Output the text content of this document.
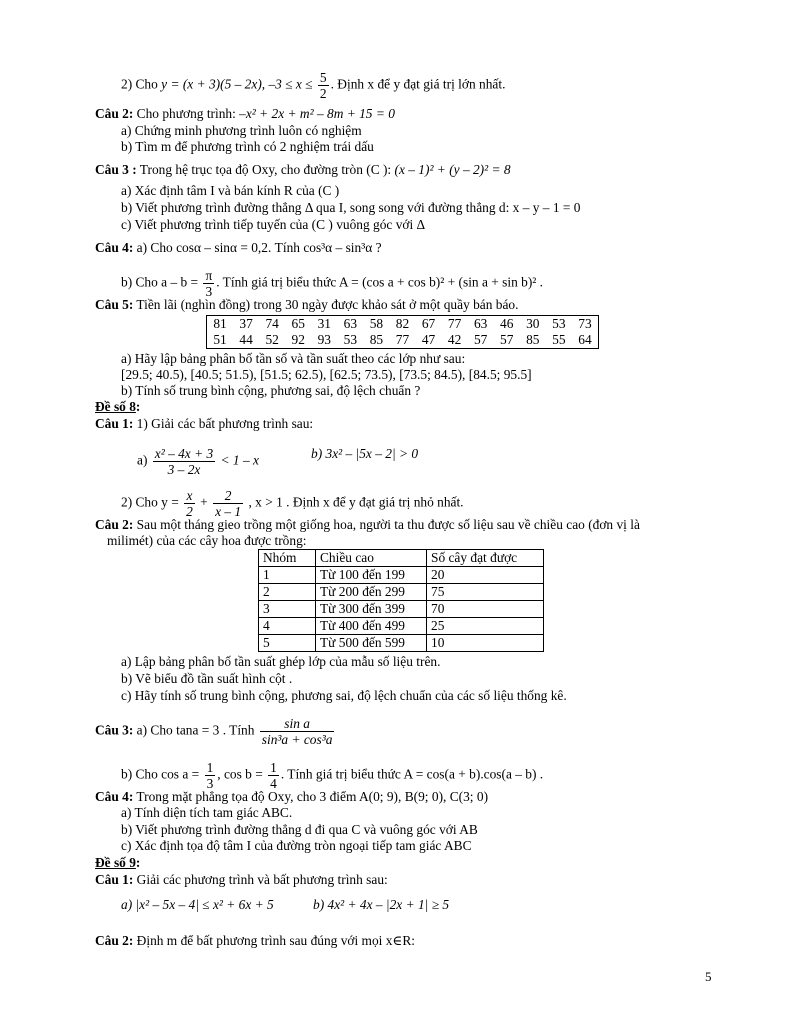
2) Cho y = (x + 3)(5 – 2x), $-3 \le x \le \frac{5}{2}$ . Định x để y đạt giá trị lớn nhất.
Câu 2: Cho phương trình: –x² + 2x + m² – 8m + 15 = 0
a) Chứng minh phương trình luôn có nghiệm
b) Tìm m để phương trình có 2 nghiệm trái dấu
Câu 3 : Trong hệ trục tọa độ Oxy, cho đường tròn (C ): (x – 1)² + (y – 2)² = 8
a) Xác định tâm I và bán kính R của (C )
b) Viết phương trình đường thẳng Δ qua I, song song với đường thẳng d: x – y – 1 = 0
c) Viết phương trình tiếp tuyến của (C ) vuông góc với Δ
Câu 4: a) Cho cosα – sinα = 0,2. Tính cos³α – sin³α ?
b) Cho $a - b = \frac{\pi}{3}$ . Tính giá trị biểu thức A = (cos a + cos b)² + (sin a + sin b)² .
Câu 5: Tiền lãi (nghìn đồng) trong 30 ngày được khảo sát ở một quầy bán báo.
81	37	74	65	31	63	58	82	67	77	63	46	30	53	73
51	44	52	92	93	53	85	77	47	42	57	57	85	55	64
a) Hãy lập bảng phân bố tần số và tần suất theo các lớp như sau:
[29.5; 40.5), [40.5; 51.5), [51.5; 62.5), [62.5; 73.5), [73.5; 84.5), [84.5; 95.5]
b) Tính số trung bình cộng, phương sai, độ lệch chuẩn ?
Đề số 8:
Câu 1: 1) Giải các bất phương trình sau:
$a) \frac{\text{x² – 4x + 3}}{3 - 2x} < 1 - x$	b) 3x² – |5x – 2| > 0
2) Cho $y = \frac{x}{2} + \frac{2}{x - 1}$ , x > 1 . Định x để y đạt giá trị nhỏ nhất.
Câu 2: Sau một tháng gieo trồng một giống hoa, người ta thu được số liệu sau về chiều cao (đơn vị là
milimét) của các cây hoa được trồng:
Nhóm	Chiều cao	Số cây đạt được
1	Từ 100 đến 199	20
2	Từ 200 đến 299	75
3	Từ 300 đến 399	70
4	Từ 400 đến 499	25
5	Từ 500 đến 599	10
a) Lập bảng phân bố tần suất ghép lớp của mẫu số liệu trên.
b) Vẽ biểu đồ tần suất hình cột .
c) Hãy tính số trung bình cộng, phương sai, độ lệch chuẩn của các số liệu thống kê.
Câu 3: a) Cho tana = 3 . Tính $\frac{\text{sin a}}{\text{sin³a + cos³a}}$
b) Cho $\cos a = \frac{1}{3}$ , $\cos b = \frac{1}{4}$ . Tính giá trị biểu thức A = cos(a + b).cos(a – b) .
Câu 4: Trong mặt phẳng tọa độ Oxy, cho 3 điểm A(0; 9), B(9; 0), C(3; 0)
a) Tính diện tích tam giác ABC.
b) Viết phương trình đường thẳng d đi qua C và vuông góc với AB
c) Xác định tọa độ tâm I của đường tròn ngoại tiếp tam giác ABC
Đề số 9:
Câu 1: Giải các phương trình và bất phương trình sau:
a) |x² – 5x – 4| ≤ x² + 6x + 5	b) 4x² + 4x – |2x + 1| ≥ 5
Câu 2: Định m để bất phương trình sau đúng với mọi x∈R:
5
